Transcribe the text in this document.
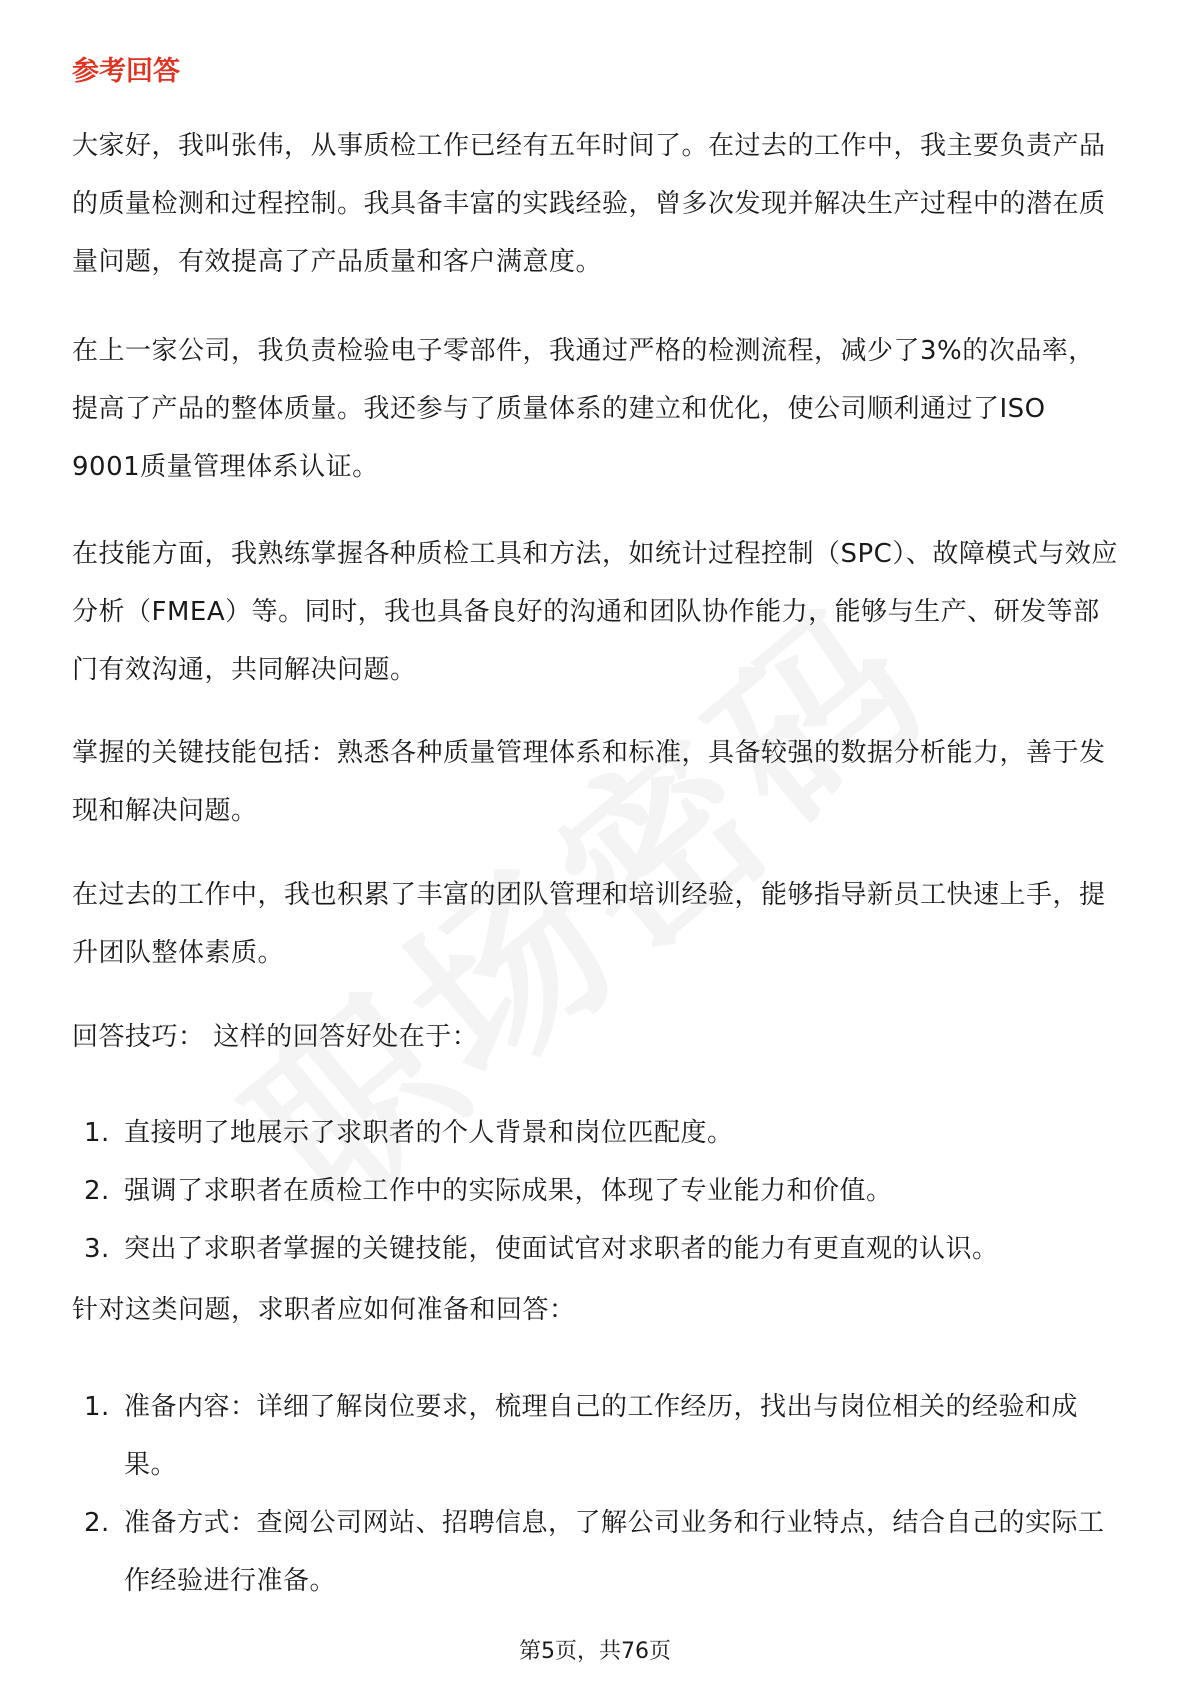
参考回答

大家好，我叫张伟，从事质检工作已经有五年时间了。在过去的工作中，我主要负责产品的质量检测和过程控制。我具备丰富的实践经验，曾多次发现并解决生产过程中的潜在质量问题，有效提高了产品质量和客户满意度。

在上一家公司，我负责检验电子零部件，我通过严格的检测流程，减少了3%的次品率，提高了产品的整体质量。我还参与了质量体系的建立和优化，使公司顺利通过了ISO 9001质量管理体系认证。

在技能方面，我熟练掌握各种质检工具和方法，如统计过程控制（SPC）、故障模式与效应分析（FMEA）等。同时，我也具备良好的沟通和团队协作能力，能够与生产、研发等部门有效沟通，共同解决问题。

掌握的关键技能包括：熟悉各种质量管理体系和标准，具备较强的数据分析能力，善于发现和解决问题。

在过去的工作中，我也积累了丰富的团队管理和培训经验，能够指导新员工快速上手，提升团队整体素质。

回答技巧： 这样的回答好处在于：

1. 直接明了地展示了求职者的个人背景和岗位匹配度。
2. 强调了求职者在质检工作中的实际成果，体现了专业能力和价值。
3. 突出了求职者掌握的关键技能，使面试官对求职者的能力有更直观的认识。

针对这类问题，求职者应如何准备和回答：

1. 准备内容：详细了解岗位要求，梳理自己的工作经历，找出与岗位相关的经验和成果。
2. 准备方式：查阅公司网站、招聘信息，了解公司业务和行业特点，结合自己的实际工作经验进行准备。
第5页，共76页
